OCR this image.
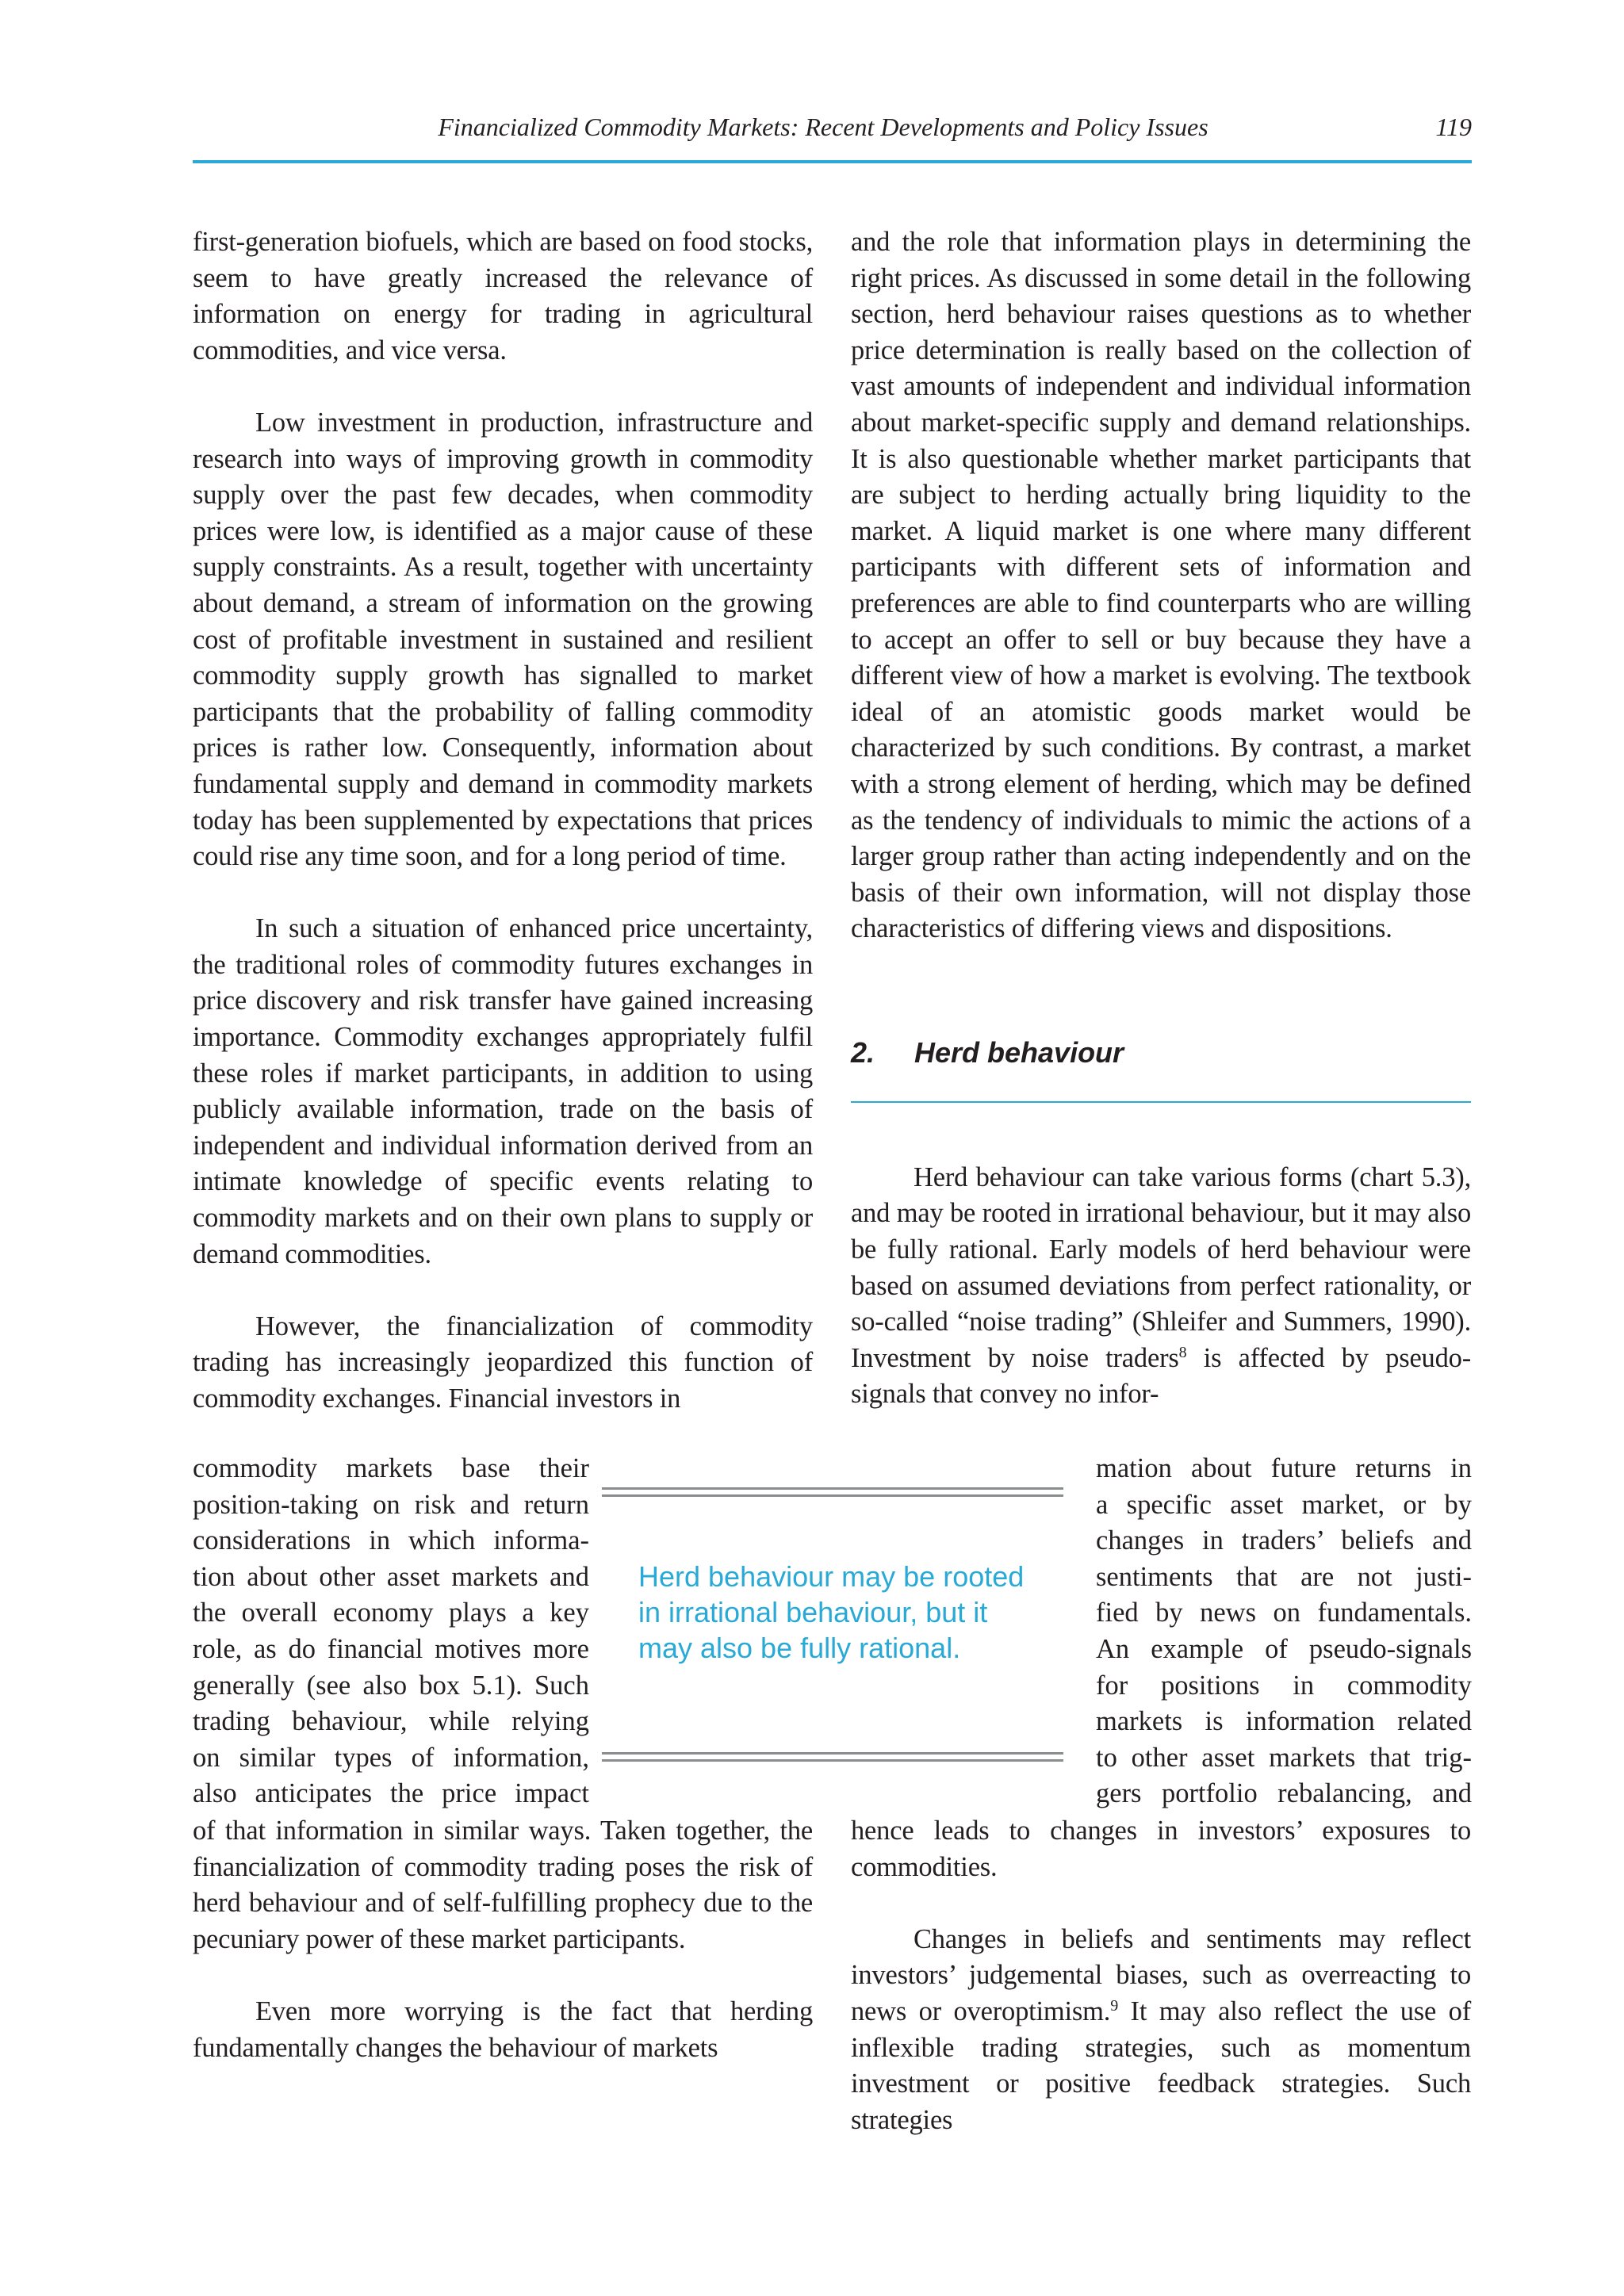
Financialized Commodity Markets: Recent Developments and Policy Issues	119

first-generation biofuels, which are based on food stocks, seem to have greatly increased the relevance of information on energy for trading in agricultural commodities, and vice versa.

Low investment in production, infrastructure and research into ways of improving growth in commodity supply over the past few decades, when commodity prices were low, is identified as a major cause of these supply constraints. As a result, together with uncertainty about demand, a stream of information on the growing cost of profitable investment in sustained and resilient commodity supply growth has signalled to market participants that the probability of falling commodity prices is rather low. Consequently, information about fundamental supply and demand in commodity markets today has been supplemented by expectations that prices could rise any time soon, and for a long period of time.

In such a situation of enhanced price uncertainty, the traditional roles of commodity futures exchanges in price discovery and risk transfer have gained increasing importance. Commodity exchanges appropriately fulfil these roles if market participants, in addition to using publicly available information, trade on the basis of independent and individual information derived from an intimate knowledge of specific events relating to commodity markets and on their own plans to supply or demand commodities.

However, the financialization of commodity trading has increasingly jeopardized this function of commodity exchanges. Financial investors in

commodity markets base their

position-taking on risk and return

considerations in which informa-

tion about other asset markets and

the overall economy plays a key

role, as do financial motives more

generally (see also box 5.1). Such

trading behaviour, while relying

on similar types of information,

also anticipates the price impact

of that information in similar ways. Taken together, the financialization of commodity trading poses the risk of herd behaviour and of self-fulfilling prophecy due to the pecuniary power of these market participants.

Even more worrying is the fact that herding fundamentally changes the behaviour of markets

and the role that information plays in determining the right prices. As discussed in some detail in the following section, herd behaviour raises questions as to whether price determination is really based on the collection of vast amounts of independent and individual information about market-specific supply and demand relationships. It is also questionable whether market participants that are subject to herding actually bring liquidity to the market. A liquid market is one where many different participants with different sets of information and preferences are able to find counterparts who are willing to accept an offer to sell or buy because they have a different view of how a market is evolving. The textbook ideal of an atomistic goods market would be characterized by such conditions. By contrast, a market with a strong element of herding, which may be defined as the tendency of individuals to mimic the actions of a larger group rather than acting independently and on the basis of their own information, will not display those characteristics of differing views and dispositions.

2. Herd behaviour

Herd behaviour can take various forms (chart 5.3), and may be rooted in irrational behaviour, but it may also be fully rational. Early models of herd behaviour were based on assumed deviations from perfect rationality, or so-called “noise trading” (Shleifer and Summers, 1990). Investment by noise traders$^8$ is affected by pseudo-signals that convey no infor-

mation about future returns in

a specific asset market, or by

changes in traders’ beliefs and

sentiments that are not justi-

fied by news on fundamentals.

An example of pseudo-signals

for positions in commodity

markets is information related

to other asset markets that trig-

gers portfolio rebalancing, and

hence leads to changes in investors’ exposures to commodities.

Changes in beliefs and sentiments may reflect investors’ judgemental biases, such as overreacting to news or overoptimism.$^9$ It may also reflect the use of inflexible trading strategies, such as momentum investment or positive feedback strategies. Such strategies

Herd behaviour may be rooted in irrational behaviour, but it may also be fully rational.
